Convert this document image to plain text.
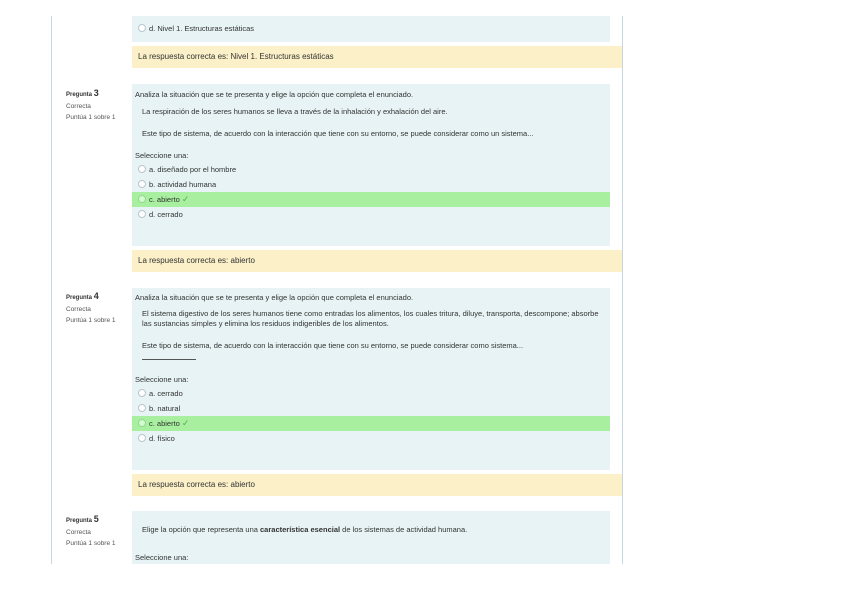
d. Nivel 1. Estructuras estáticas
La respuesta correcta es: Nivel 1. Estructuras estáticas
Pregunta 3
Correcta
Puntúa 1 sobre 1
Analiza la situación que se te presenta y elige la opción que completa el enunciado.
La respiración de los seres humanos se lleva a través de la inhalación y exhalación del aire.
Este tipo de sistema, de acuerdo con la interacción que tiene con su entorno, se puede considerar como un sistema...
Seleccione una:
a. diseñado por el hombre
b. actividad humana
c. abierto ✓
d. cerrado
La respuesta correcta es: abierto
Pregunta 4
Correcta
Puntúa 1 sobre 1
Analiza la situación que se te presenta y elige la opción que completa el enunciado.
El sistema digestivo de los seres humanos tiene como entradas los alimentos, los cuales tritura, diluye, transporta, descompone; absorbe las sustancias simples y elimina los residuos indigeribles de los alimentos.
Este tipo de sistema, de acuerdo con la interacción que tiene con su entorno, se puede considerar como sistema...

Seleccione una:
a. cerrado
b. natural
c. abierto ✓
d. físico
La respuesta correcta es: abierto
Pregunta 5
Correcta
Puntúa 1 sobre 1
Elige la opción que representa una característica esencial de los sistemas de actividad humana.
Seleccione una:
